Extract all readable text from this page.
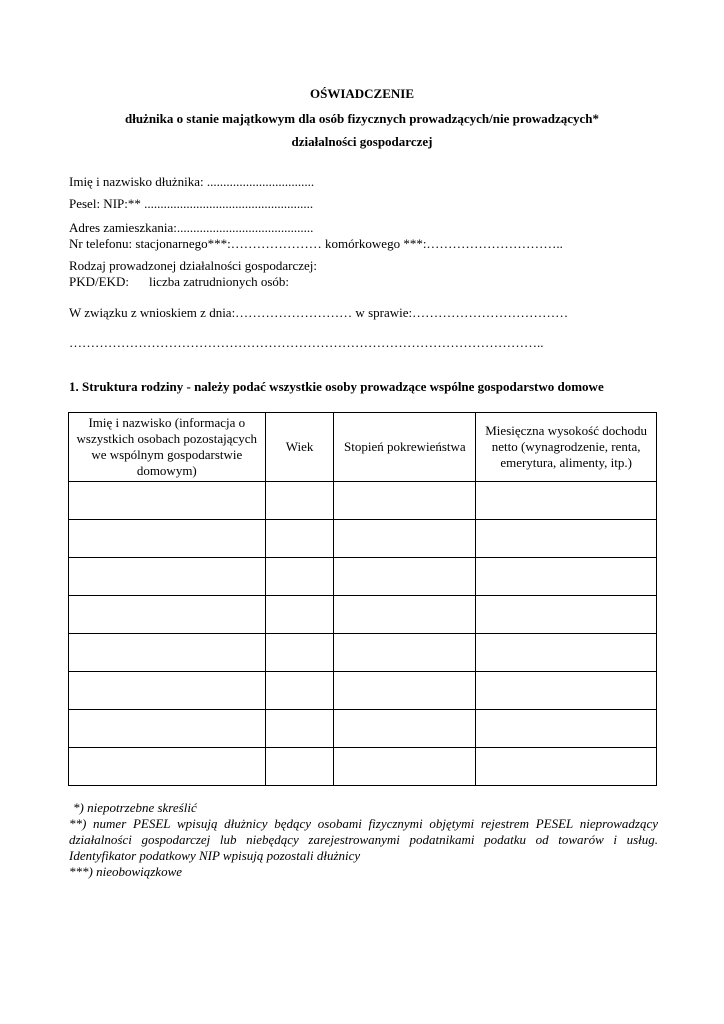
OŚWIADCZENIE
dłużnika o stanie majątkowym dla osób fizycznych prowadzących/nie prowadzących*
działalności gospodarczej
Imię i nazwisko dłużnika: .................................
Pesel: NIP:** ....................................................
Adres zamieszkania:..........................................
Nr telefonu: stacjonarnego***:………………… komórkowego ***:…………………………..
Rodzaj prowadzonej działalności gospodarczej:
PKD/EKD: liczba zatrudnionych osób:
W związku z wnioskiem z dnia:……………………… w sprawie:………………………………
………………………………………………………………………………………………..
1. Struktura rodziny - należy podać wszystkie osoby prowadzące wspólne gospodarstwo domowe
Imię i nazwisko (informacja o wszystkich osobach pozostających we wspólnym gospodarstwie domowym)	Wiek	Stopień pokrewieństwa	Miesięczna wysokość dochodu netto (wynagrodzenie, renta, emerytura, alimenty, itp.)

*) niepotrzebne skreślić
**) numer PESEL wpisują dłużnicy będący osobami fizycznymi objętymi rejestrem PESEL nieprowadzący działalności gospodarczej lub niebędący zarejestrowanymi podatnikami podatku od towarów i usług. Identyfikator podatkowy NIP wpisują pozostali dłużnicy
***) nieobowiązkowe
